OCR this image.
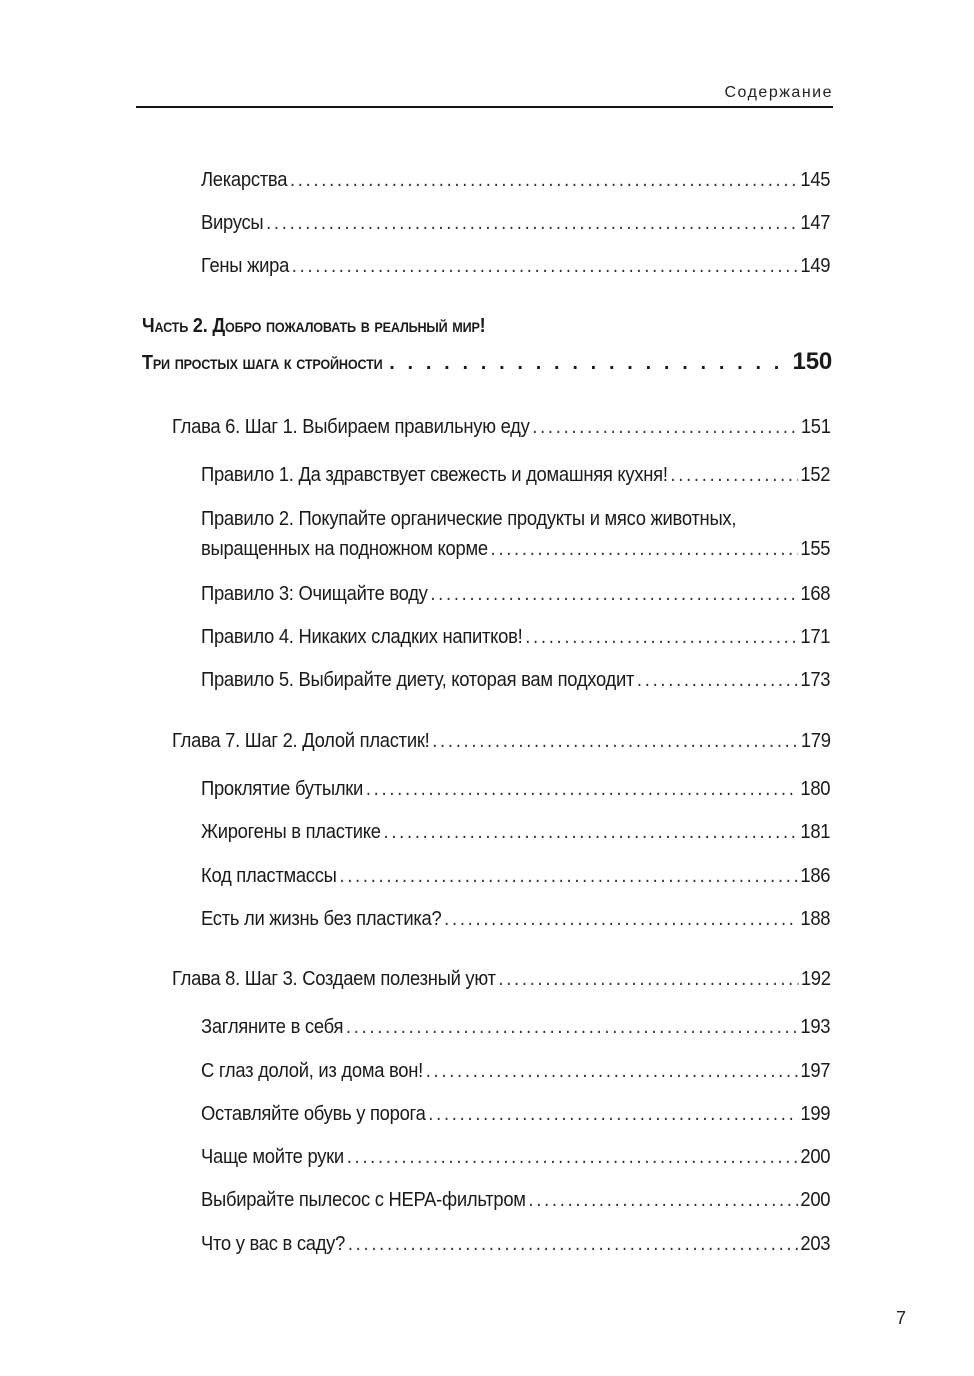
Содержание
Лекарства . . .	145
Вирусы . . .	147
Гены жира . . .	149
Часть 2. Добро пожаловать в реальный мир!
Три простых шага к стройности . . .	150
Глава 6. Шаг 1. Выбираем правильную еду . . .	151
Правило 1. Да здравствует свежесть и домашняя кухня! . . .	152
Правило 2. Покупайте органические продукты и мясо животных,
выращенных на подножном корме . . .	155
Правило 3: Очищайте воду . . .	168
Правило 4. Никаких сладких напитков! . . .	171
Правило 5. Выбирайте диету, которая вам подходит . . .	173
Глава 7. Шаг 2. Долой пластик! . . .	179
Проклятие бутылки . . .	180
Жирогены в пластике . . .	181
Код пластмассы . . .	186
Есть ли жизнь без пластика? . . .	188
Глава 8. Шаг 3. Создаем полезный уют . . .	192
Загляните в себя . . .	193
С глаз долой, из дома вон! . . .	197
Оставляйте обувь у порога . . .	199
Чаще мойте руки . . .	200
Выбирайте пылесос с HEPA-фильтром . . .	200
Что у вас в саду? . . .	203
7
